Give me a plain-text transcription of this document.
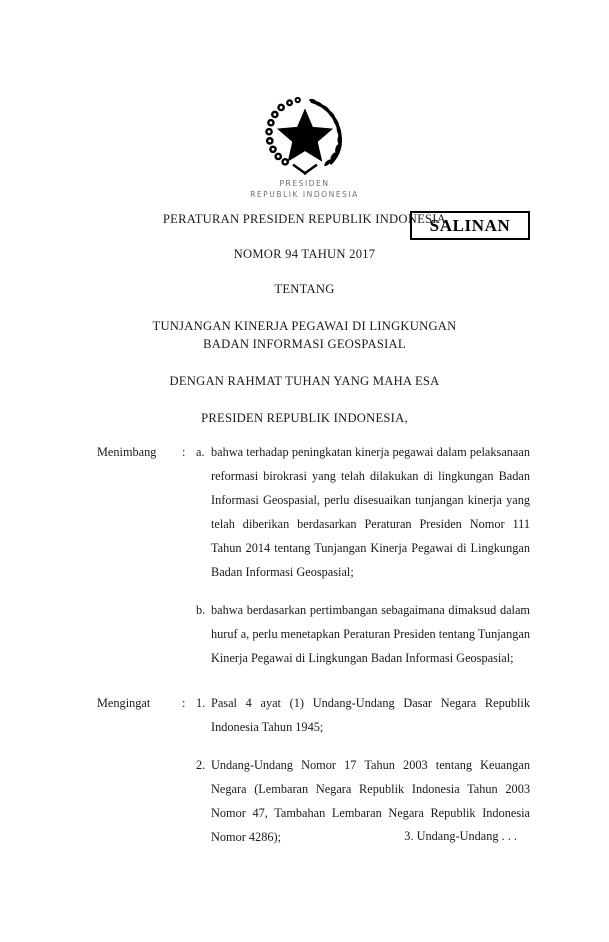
PRESIDEN
REPUBLIK INDONESIA
SALINAN
PERATURAN PRESIDEN REPUBLIK INDONESIA
NOMOR 94 TAHUN 2017
TENTANG
TUNJANGAN KINERJA PEGAWAI DI LINGKUNGAN
BADAN INFORMASI GEOSPASIAL
DENGAN RAHMAT TUHAN YANG MAHA ESA
PRESIDEN REPUBLIK INDONESIA,
Menimbang : a. bahwa terhadap peningkatan kinerja pegawai dalam pelaksanaan reformasi birokrasi yang telah dilakukan di lingkungan Badan Informasi Geospasial, perlu disesuaikan tunjangan kinerja yang telah diberikan berdasarkan Peraturan Presiden Nomor 111 Tahun 2014 tentang Tunjangan Kinerja Pegawai di Lingkungan Badan Informasi Geospasial;
b. bahwa berdasarkan pertimbangan sebagaimana dimaksud dalam huruf a, perlu menetapkan Peraturan Presiden tentang Tunjangan Kinerja Pegawai di Lingkungan Badan Informasi Geospasial;
Mengingat	: 1. Pasal 4 ayat (1) Undang-Undang Dasar Negara Republik Indonesia Tahun 1945;
2. Undang-Undang Nomor 17 Tahun 2003 tentang Keuangan Negara (Lembaran Negara Republik Indonesia Tahun 2003 Nomor 47, Tambahan Lembaran Negara Republik Indonesia Nomor 4286);	3. Undang-Undang . . .
